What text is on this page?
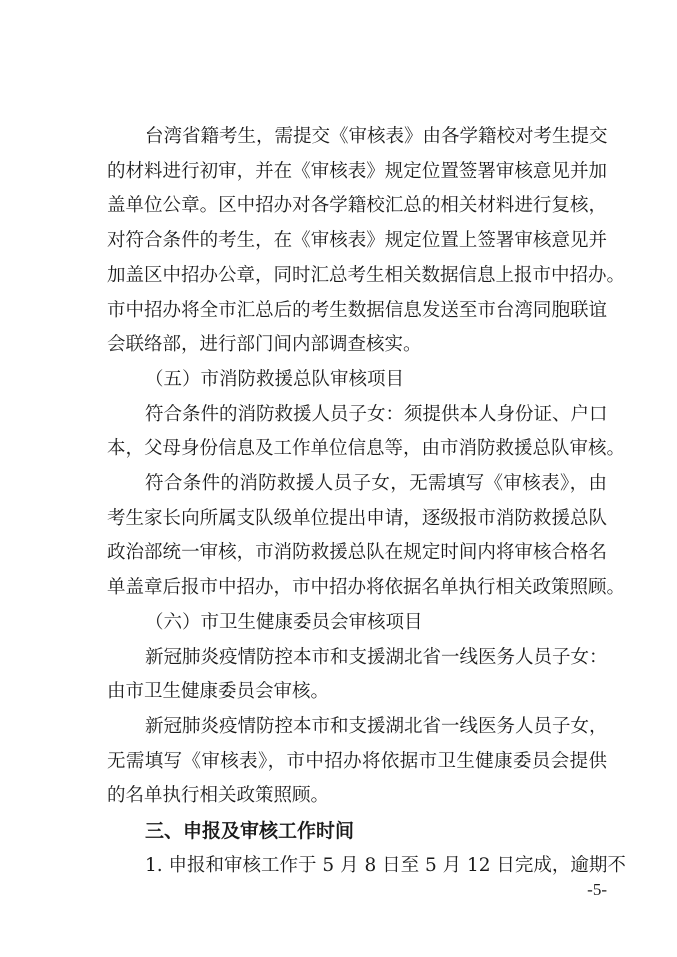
台湾省籍考生，需提交《审核表》由各学籍校对考生提交
的材料进行初审，并在《审核表》规定位置签署审核意见并加
盖单位公章。区中招办对各学籍校汇总的相关材料进行复核，
对符合条件的考生，在《审核表》规定位置上签署审核意见并
加盖区中招办公章，同时汇总考生相关数据信息上报市中招办。
市中招办将全市汇总后的考生数据信息发送至市台湾同胞联谊
会联络部，进行部门间内部调查核实。
（五）市消防救援总队审核项目
符合条件的消防救援人员子女：须提供本人身份证、户口
本，父母身份信息及工作单位信息等，由市消防救援总队审核。
符合条件的消防救援人员子女，无需填写《审核表》，由
考生家长向所属支队级单位提出申请，逐级报市消防救援总队
政治部统一审核，市消防救援总队在规定时间内将审核合格名
单盖章后报市中招办，市中招办将依据名单执行相关政策照顾。
（六）市卫生健康委员会审核项目
新冠肺炎疫情防控本市和支援湖北省一线医务人员子女：
由市卫生健康委员会审核。
新冠肺炎疫情防控本市和支援湖北省一线医务人员子女，
无需填写《审核表》，市中招办将依据市卫生健康委员会提供
的名单执行相关政策照顾。
三、申报及审核工作时间
1. 申报和审核工作于 5 月 8 日至 5 月 12 日完成，逾期不
-5-
